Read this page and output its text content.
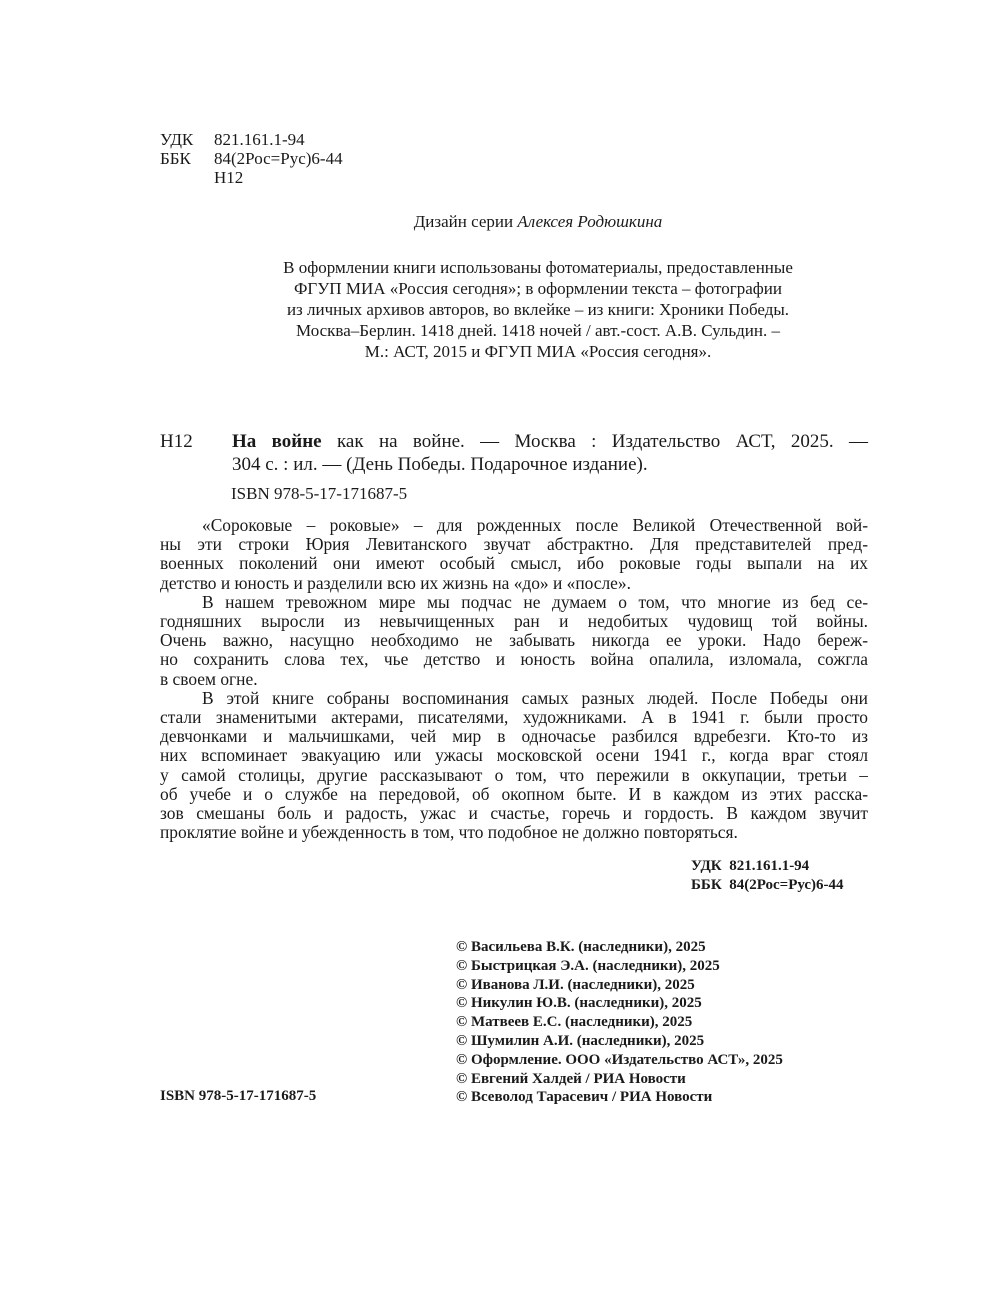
УДК	821.161.1-94
ББК	84(2Рос=Рус)6-44
Н12
Дизайн серии Алексея Родюшкина
В оформлении книги использованы фотоматериалы, предоставленные
ФГУП МИА «Россия сегодня»; в оформлении текста – фотографии
из личных архивов авторов, во вклейке – из книги: Хроники Победы.
Москва–Берлин. 1418 дней. 1418 ночей / авт.-сост. А.В. Сульдин. –
М.: АСТ, 2015 и ФГУП МИА «Россия сегодня».
Н12 На войне как на войне. — Москва : Издательство АСТ, 2025. —
304 с. : ил. — (День Победы. Подарочное издание).
ISBN 978-5-17-171687-5
«Сороковые – роковые» – для рожденных после Великой Отечественной вой-
ны эти строки Юрия Левитанского звучат абстрактно. Для представителей пред-
военных поколений они имеют особый смысл, ибо роковые годы выпали на их
детство и юность и разделили всю их жизнь на «до» и «после».
В нашем тревожном мире мы подчас не думаем о том, что многие из бед се-
годняшних выросли из невычищенных ран и недобитых чудовищ той войны.
Очень важно, насущно необходимо не забывать никогда ее уроки. Надо береж-
но сохранить слова тех, чье детство и юность война опалила, изломала, сожгла
в своем огне.
В этой книге собраны воспоминания самых разных людей. После Победы они
стали знаменитыми актерами, писателями, художниками. А в 1941 г. были просто
девчонками и мальчишками, чей мир в одночасье разбился вдребезги. Кто-то из
них вспоминает эвакуацию или ужасы московской осени 1941 г., когда враг стоял
у самой столицы, другие рассказывают о том, что пережили в оккупации, третьи –
об учебе и о службе на передовой, об окопном быте. И в каждом из этих расска-
зов смешаны боль и радость, ужас и счастье, горечь и гордость. В каждом звучит
проклятие войне и убежденность в том, что подобное не должно повторяться.
УДК  821.161.1-94
ББК  84(2Рос=Рус)6-44
© Васильева В.К. (наследники), 2025
© Быстрицкая Э.А. (наследники), 2025
© Иванова Л.И. (наследники), 2025
© Никулин Ю.В. (наследники), 2025
© Матвеев Е.С. (наследники), 2025
© Шумилин А.И. (наследники), 2025
© Оформление. ООО «Издательство АСТ», 2025
© Евгений Халдей / РИА Новости
© Всеволод Тарасевич / РИА Новости
ISBN 978-5-17-171687-5
